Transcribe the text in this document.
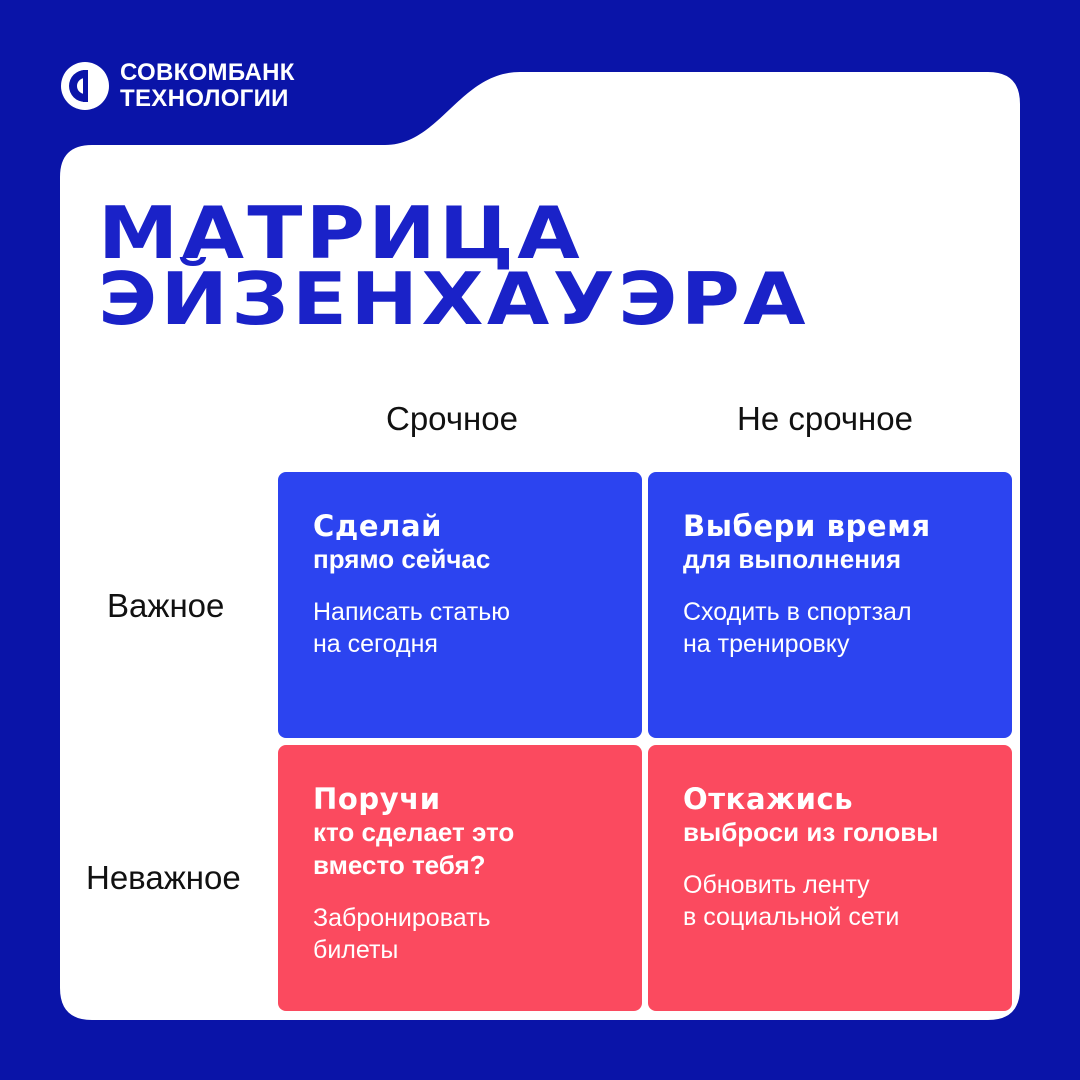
СОВКОМБАНК
ТЕХНОЛОГИИ
МАТРИЦА
ЭЙЗЕНХАУЭРА
Срочное	Не срочное
Важное
Неважное
Сделай
прямо сейчас
Написать статью
на сегодня
Выбери время
для выполнения
Сходить в спортзал
на тренировку
Поручи
кто сделает это
вместо тебя?
Забронировать
билеты
Откажись
выброси из головы
Обновить ленту
в социальной сети
